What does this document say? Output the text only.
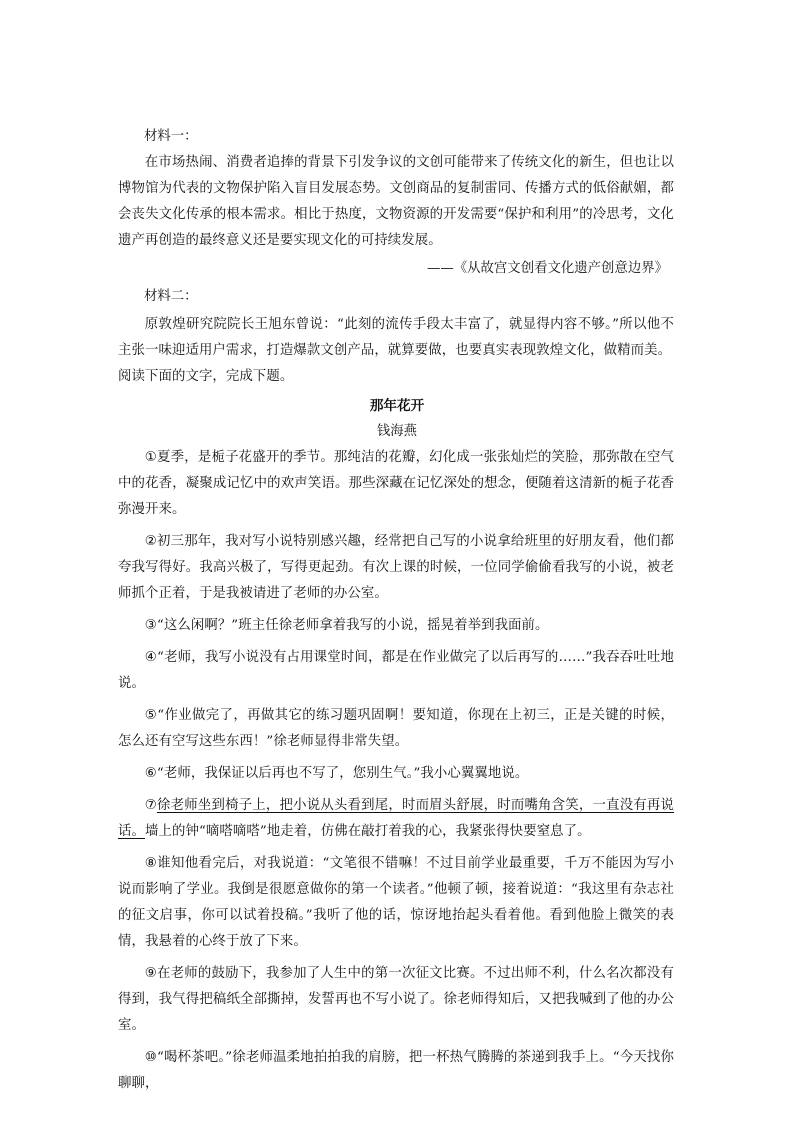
材料一：

在市场热闹、消费者追捧的背景下引发争议的文创可能带来了传统文化的新生，但也让以博物馆为代表的文物保护陷入盲目发展态势。文创商品的复制雷同、传播方式的低俗献媚，都会丧失文化传承的根本需求。相比于热度，文物资源的开发需要“保护和利用”的冷思考，文化遗产再创造的最终意义还是要实现文化的可持续发展。

——《从故宫文创看文化遗产创意边界》
材料二：

原敦煌研究院院长王旭东曾说：“此刻的流传手段太丰富了，就显得内容不够。”所以他不主张一味迎适用户需求，打造爆款文创产品，就算要做，也要真实表现敦煌文化，做精而美。

阅读下面的文字，完成下题。

那年花开
钱海燕

①夏季，是栀子花盛开的季节。那纯洁的花瓣，幻化成一张张灿烂的笑脸，那弥散在空气中的花香，凝聚成记忆中的欢声笑语。那些深藏在记忆深处的想念，便随着这清新的栀子花香弥漫开来。

②初三那年，我对写小说特别感兴趣，经常把自己写的小说拿给班里的好朋友看，他们都夸我写得好。我高兴极了，写得更起劲。有次上课的时候，一位同学偷偷看我写的小说，被老师抓个正着，于是我被请进了老师的办公室。

③“这么闲啊？”班主任徐老师拿着我写的小说，摇晃着举到我面前。

④“老师，我写小说没有占用课堂时间，都是在作业做完了以后再写的……”我吞吞吐吐地说。

⑤“作业做完了，再做其它的练习题巩固啊！要知道，你现在上初三，正是关键的时候，怎么还有空写这些东西！”徐老师显得非常失望。

⑥“老师，我保证以后再也不写了，您别生气。”我小心翼翼地说。

⑦徐老师坐到椅子上，把小说从头看到尾，时而眉头舒展，时而嘴角含笑，一直没有再说话。墙上的钟“嘀嗒嘀嗒”地走着，仿佛在敲打着我的心，我紧张得快要窒息了。

⑧谁知他看完后，对我说道：“文笔很不错嘛！不过目前学业最重要，千万不能因为写小说而影响了学业。我倒是很愿意做你的第一个读者。”他顿了顿，接着说道：“我这里有杂志社的征文启事，你可以试着投稿。”我听了他的话，惊讶地抬起头看着他。看到他脸上微笑的表情，我悬着的心终于放了下来。

⑨在老师的鼓励下，我参加了人生中的第一次征文比赛。不过出师不利，什么名次都没有得到，我气得把稿纸全部撕掉，发誓再也不写小说了。徐老师得知后，又把我喊到了他的办公室。

⑩“喝杯茶吧。”徐老师温柔地拍拍我的肩膀，把一杯热气腾腾的茶递到我手上。“今天找你聊聊，
